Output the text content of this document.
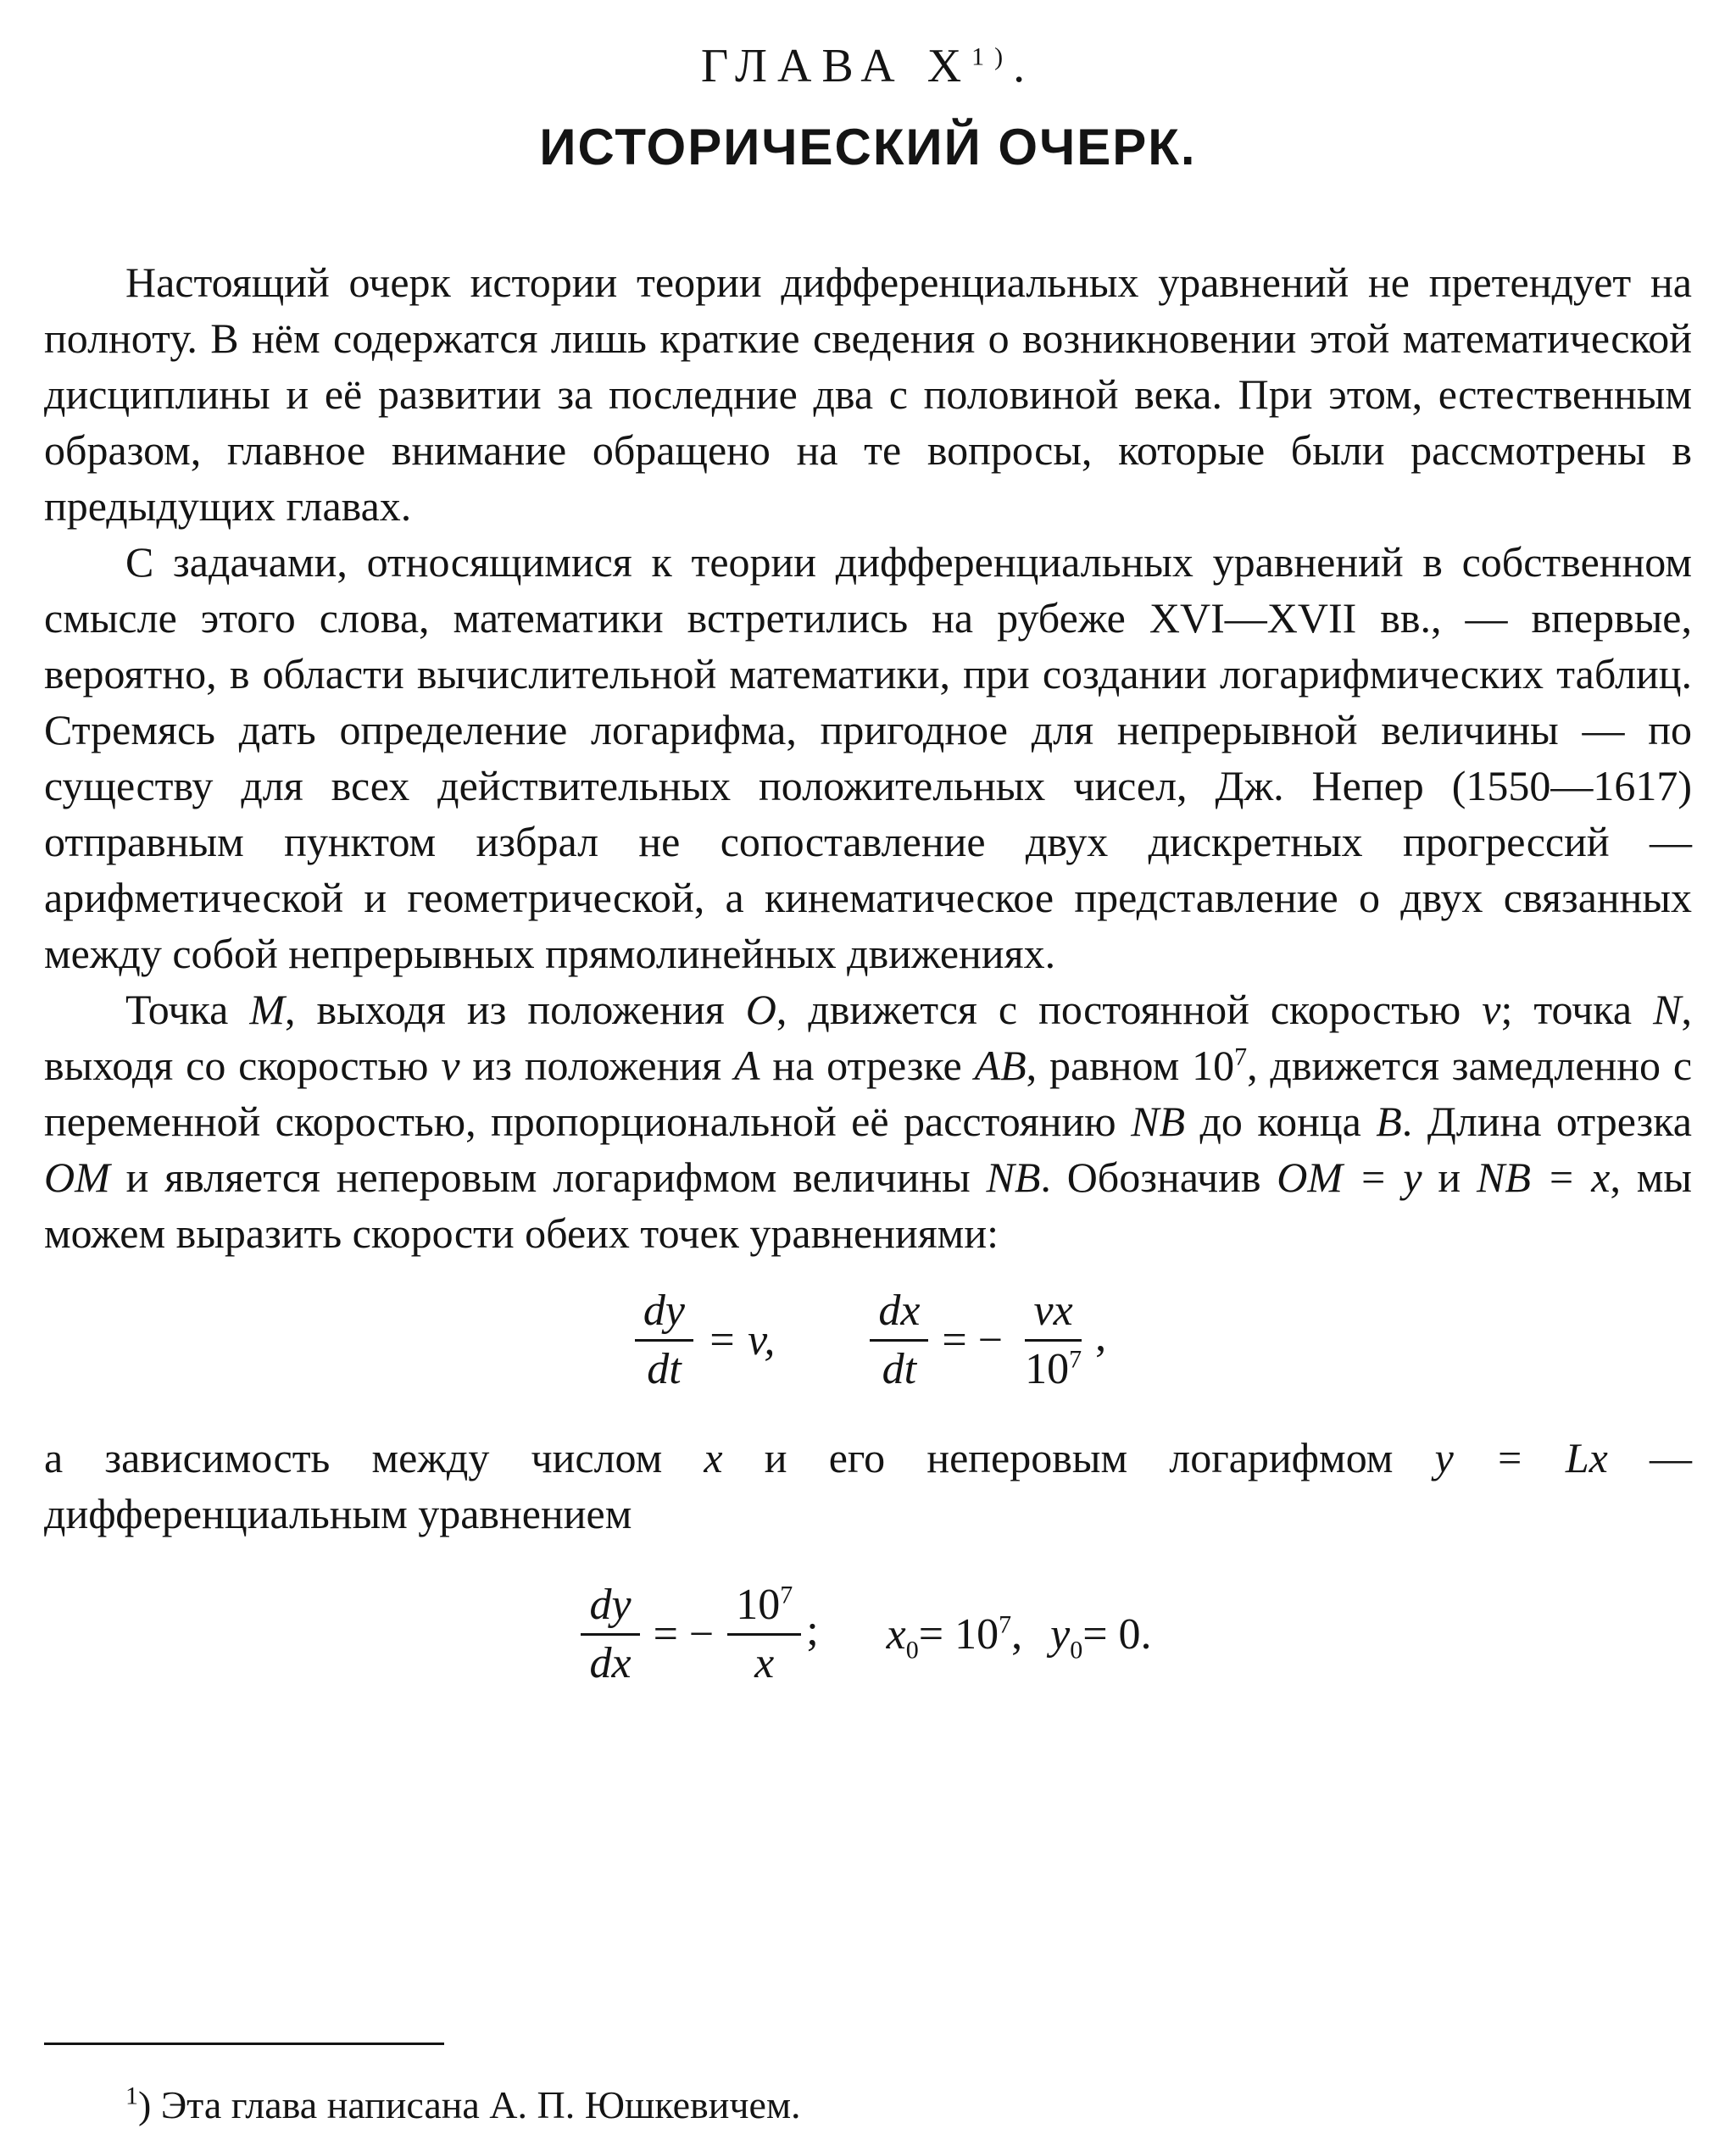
ГЛАВА $X^{1)}$.
ИСТОРИЧЕСКИЙ ОЧЕРК.

Настоящий очерк истории теории дифференциальных уравнений не претендует на полноту. В нём содержатся лишь краткие сведения о возникновении этой математической дисциплины и её развитии за последние два с половиной века. При этом, естественным образом, главное внимание обращено на те вопросы, которые были рассмотрены в предыдущих главах.

С задачами, относящимися к теории дифференциальных уравнений в собственном смысле этого слова, математики встретились на рубеже XVI—XVII вв., — впервые, вероятно, в области вычислительной математики, при создании логарифмических таблиц. Стремясь дать определение логарифма, пригодное для непрерывной величины — по существу для всех действительных положительных чисел, Дж. Непер (1550—1617) отправным пунктом избрал не сопоставление двух дискретных прогрессий — арифметической и геометрической, а кинематическое представление о двух связанных между собой непрерывных прямолинейных движениях.

Точка M, выходя из положения O, движется с постоянной скоростью v; точка N, выходя со скоростью v из положения A на отрезке AB, равном $10^7$, движется замедленно с переменной скоростью, пропорциональной её расстоянию NB до конца B. Длина отрезка OM и является неперовым логарифмом величины NB. Обозначив OM = y и NB = x, мы можем выразить скорости обеих точек уравнениями:

$\frac{dy}{dt} = v$, $\frac{dx}{dt}$ = − $\frac{vx}{10^7}$ ,

а зависимость между числом x и его неперовым логарифмом y = Lx — дифференциальным уравнением

$\frac{dy}{dx}$ = − $\frac{10^7}{x}$ ; $x_0= 10^7$, $y_0= 0$.
$^1$) Эта глава написана А. П. Юшкевичем.
